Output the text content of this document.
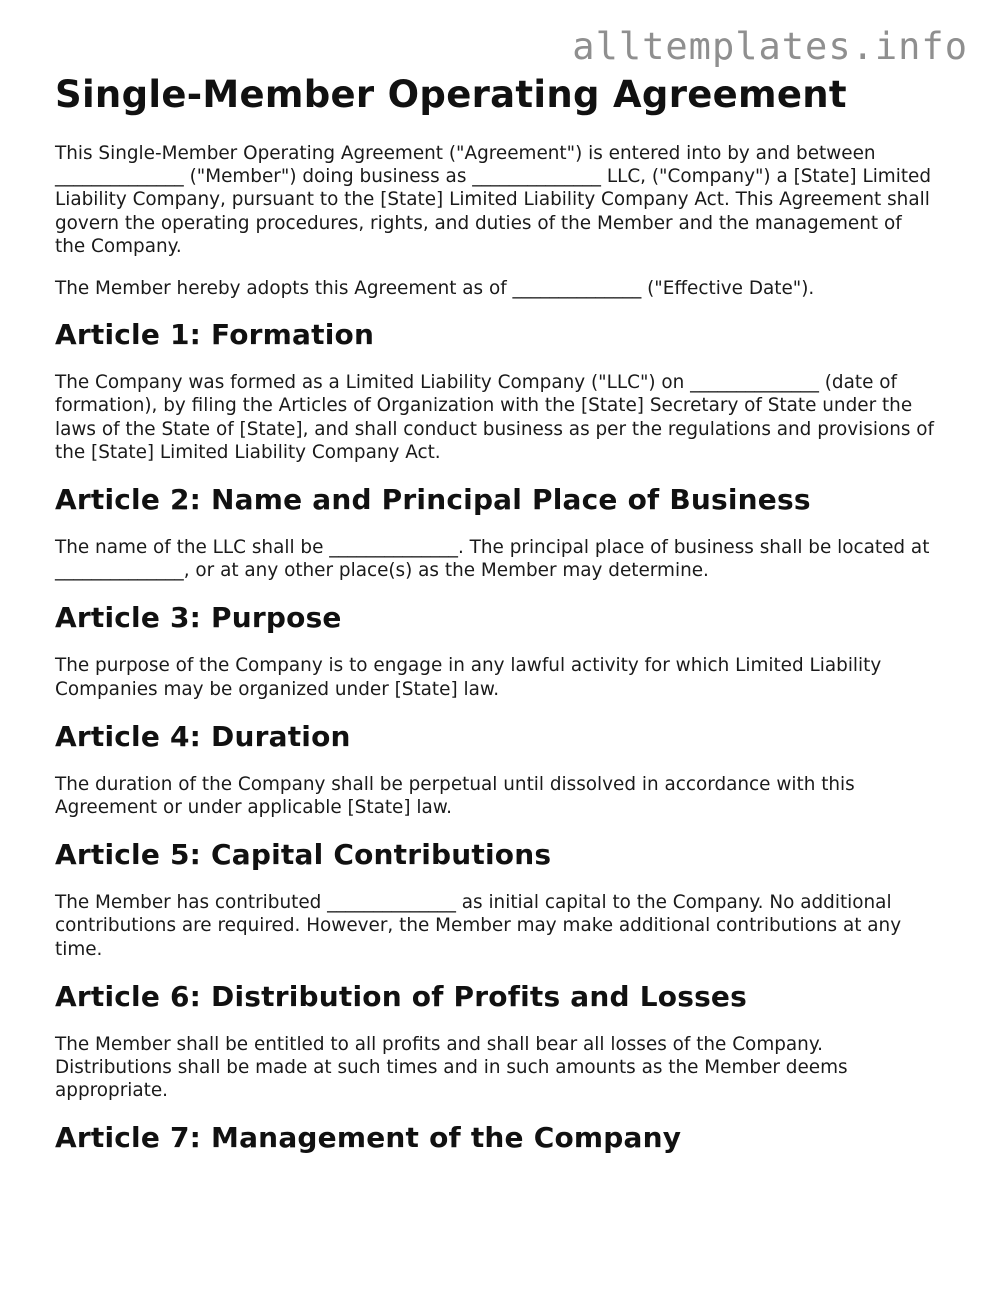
alltemplates.info
Single-Member Operating Agreement

This Single-Member Operating Agreement ("Agreement") is entered into by and between ______________ ("Member") doing business as ______________ LLC, ("Company") a [State] Limited Liability Company, pursuant to the [State] Limited Liability Company Act. This Agreement shall govern the operating procedures, rights, and duties of the Member and the management of the Company.

The Member hereby adopts this Agreement as of ______________ ("Effective Date").

Article 1: Formation

The Company was formed as a Limited Liability Company ("LLC") on ______________ (date of formation), by filing the Articles of Organization with the [State] Secretary of State under the laws of the State of [State], and shall conduct business as per the regulations and provisions of the [State] Limited Liability Company Act.

Article 2: Name and Principal Place of Business

The name of the LLC shall be ______________. The principal place of business shall be located at ______________, or at any other place(s) as the Member may determine.

Article 3: Purpose

The purpose of the Company is to engage in any lawful activity for which Limited Liability Companies may be organized under [State] law.

Article 4: Duration

The duration of the Company shall be perpetual until dissolved in accordance with this Agreement or under applicable [State] law.

Article 5: Capital Contributions

The Member has contributed ______________ as initial capital to the Company. No additional contributions are required. However, the Member may make additional contributions at any time.

Article 6: Distribution of Profits and Losses

The Member shall be entitled to all profits and shall bear all losses of the Company. Distributions shall be made at such times and in such amounts as the Member deems appropriate.

Article 7: Management of the Company
